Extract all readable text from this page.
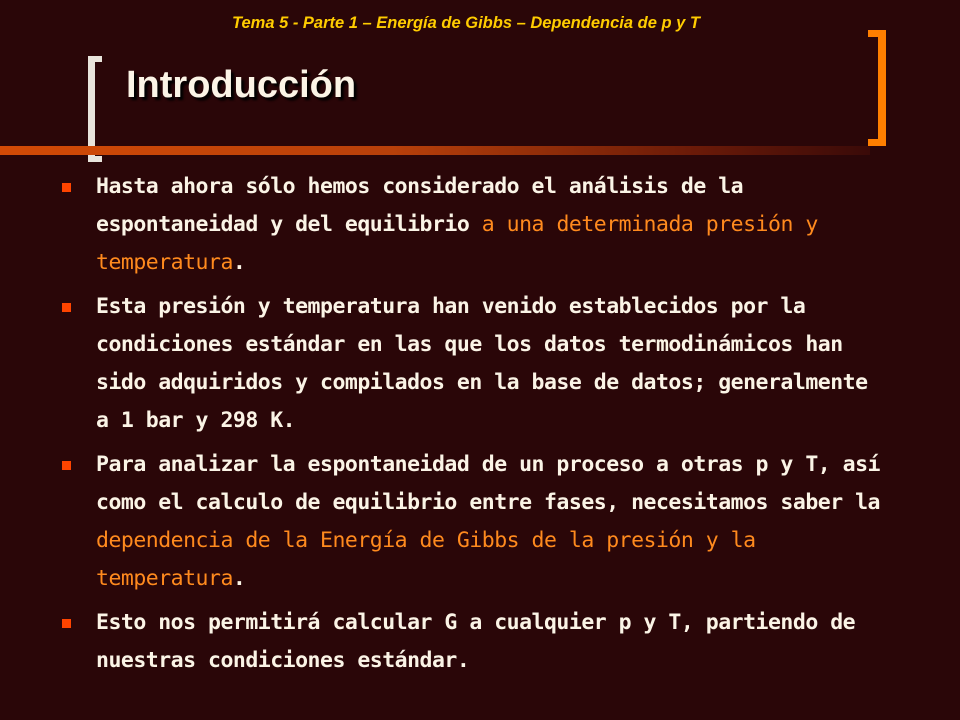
Tema 5 - Parte 1 – Energía de Gibbs – Dependencia de p y T
Introducción
Hasta ahora sólo hemos considerado el análisis de la espontaneidad y del equilibrio a una determinada presión y temperatura.
Esta presión y temperatura han venido establecidos por la condiciones estándar en las que los datos termodinámicos han sido adquiridos y compilados en la base de datos; generalmente a 1 bar y 298 K.
Para analizar la espontaneidad de un proceso a otras p y T, así como el calculo de equilibrio entre fases, necesitamos saber la dependencia de la Energía de Gibbs de la presión y la temperatura.
Esto nos permitirá calcular G a cualquier p y T, partiendo de nuestras condiciones estándar.
